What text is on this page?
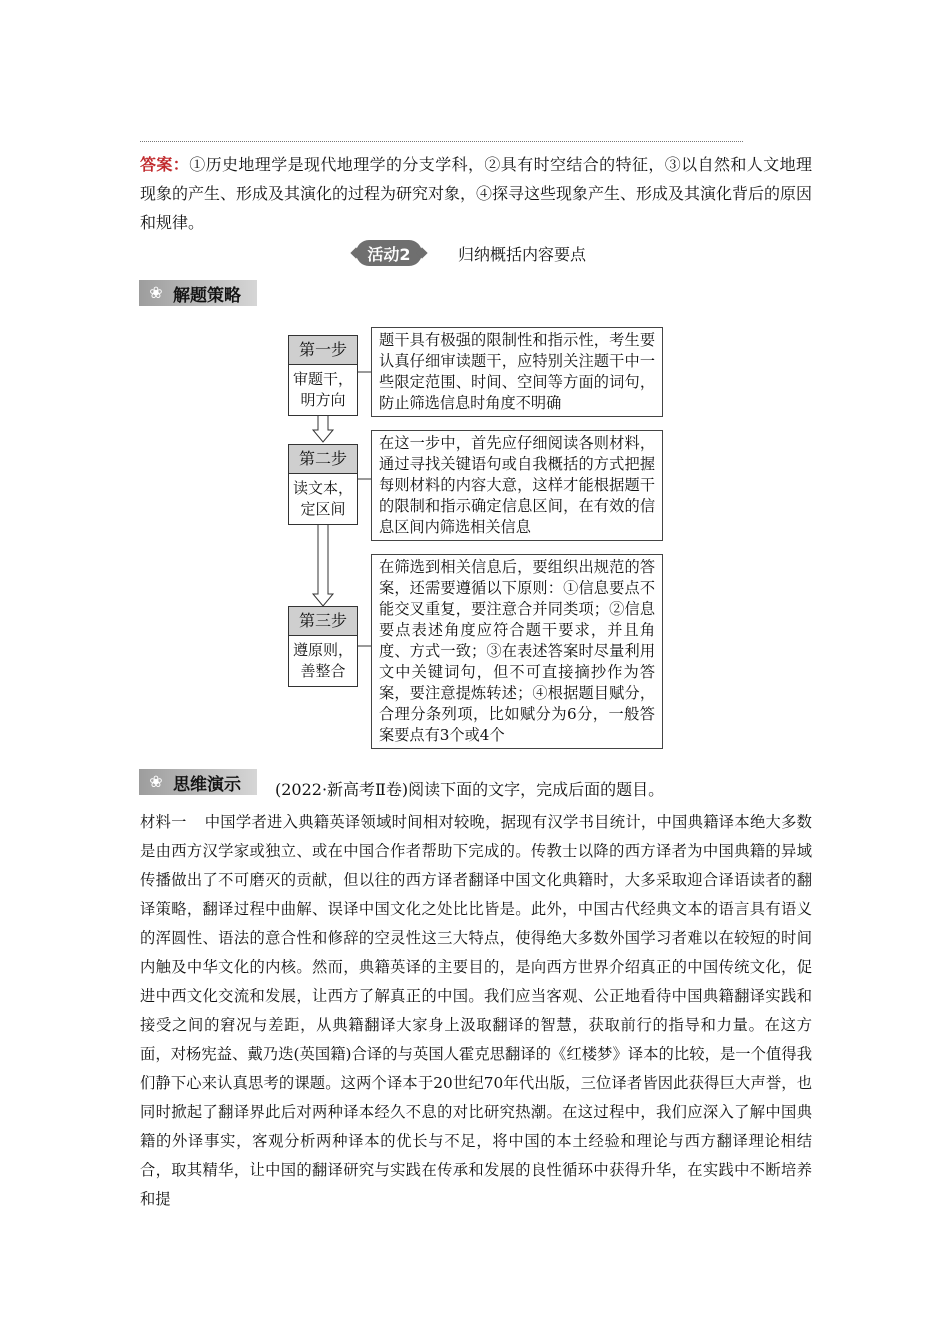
答案：①历史地理学是现代地理学的分支学科，②具有时空结合的特征，③以自然和人文地理现象的产生、形成及其演化的过程为研究对象，④探寻这些现象产生、形成及其演化背后的原因和规律。
活动2	归纳概括内容要点
❀ 解题策略
第一步
审题干，
明方向
题干具有极强的限制性和指示性，考生要认真仔细审读题干，应特别关注题干中一些限定范围、时间、空间等方面的词句，防止筛选信息时角度不明确
第二步
读文本，
定区间
在这一步中，首先应仔细阅读各则材料，通过寻找关键语句或自我概括的方式把握每则材料的内容大意，这样才能根据题干的限制和指示确定信息区间，在有效的信息区间内筛选相关信息
第三步
遵原则，
善整合
在筛选到相关信息后，要组织出规范的答案，还需要遵循以下原则：①信息要点不能交叉重复，要注意合并同类项；②信息要点表述角度应符合题干要求，并且角度、方式一致；③在表述答案时尽量利用文中关键词句，但不可直接摘抄作为答案，要注意提炼转述；④根据题目赋分，合理分条列项，比如赋分为6分，一般答案要点有3个或4个
❀ 思维演示 (2022·新高考Ⅱ卷)阅读下面的文字，完成后面的题目。
材料一 中国学者进入典籍英译领域时间相对较晚，据现有汉学书目统计，中国典籍译本绝大多数是由西方汉学家或独立、或在中国合作者帮助下完成的。传教士以降的西方译者为中国典籍的异域传播做出了不可磨灭的贡献，但以往的西方译者翻译中国文化典籍时，大多采取迎合译语读者的翻译策略，翻译过程中曲解、误译中国文化之处比比皆是。此外，中国古代经典文本的语言具有语义的浑圆性、语法的意合性和修辞的空灵性这三大特点，使得绝大多数外国学习者难以在较短的时间内触及中华文化的内核。然而，典籍英译的主要目的，是向西方世界介绍真正的中国传统文化，促进中西文化交流和发展，让西方了解真正的中国。我们应当客观、公正地看待中国典籍翻译实践和接受之间的窘况与差距，从典籍翻译大家身上汲取翻译的智慧，获取前行的指导和力量。在这方面，对杨宪益、戴乃迭(英国籍)合译的与英国人霍克思翻译的《红楼梦》译本的比较，是一个值得我们静下心来认真思考的课题。这两个译本于20世纪70年代出版，三位译者皆因此获得巨大声誉，也同时掀起了翻译界此后对两种译本经久不息的对比研究热潮。在这过程中，我们应深入了解中国典籍的外译事实，客观分析两种译本的优长与不足，将中国的本土经验和理论与西方翻译理论相结合，取其精华，让中国的翻译研究与实践在传承和发展的良性循环中获得升华，在实践中不断培养和提
